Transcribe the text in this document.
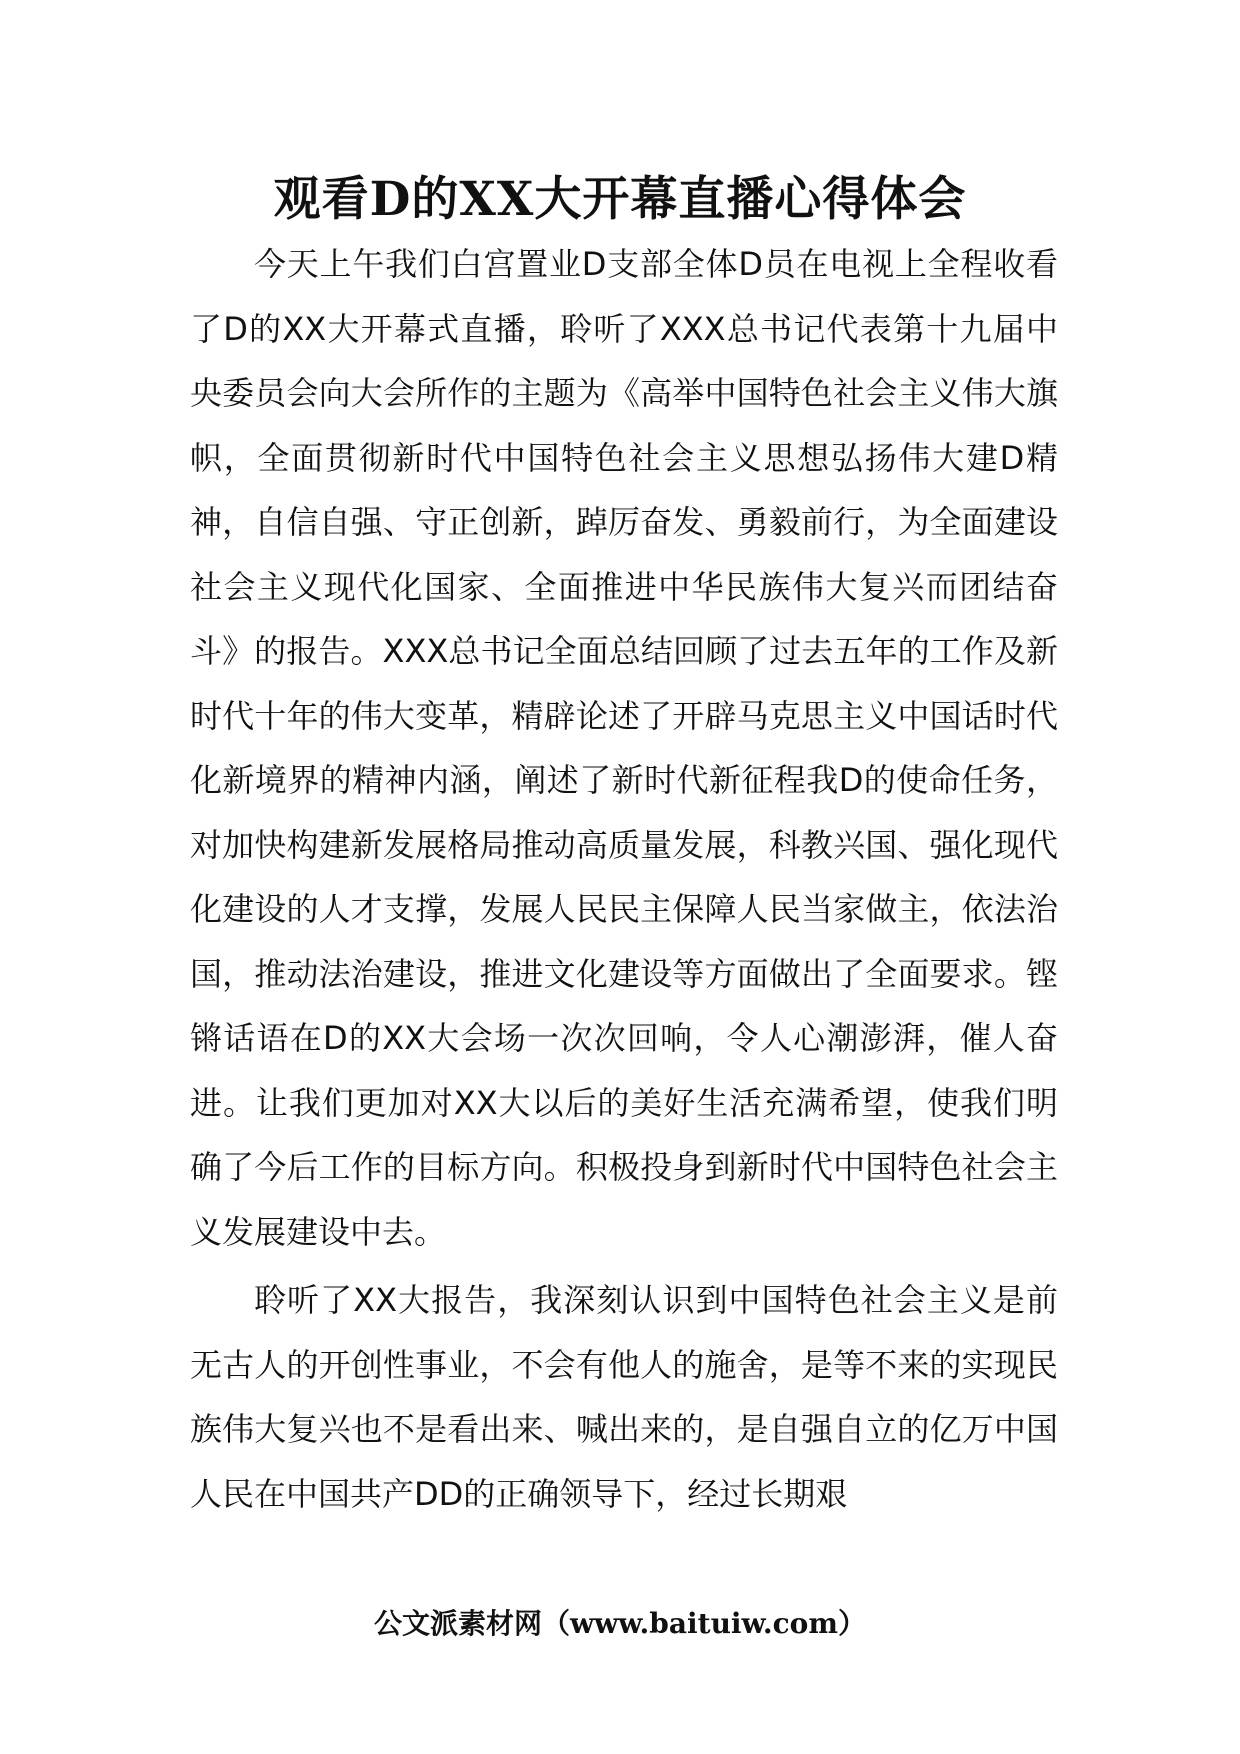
观看D的XX大开幕直播心得体会

今天上午我们白宫置业D支部全体D员在电视上全程收看了D的XX大开幕式直播，聆听了XXX总书记代表第十九届中央委员会向大会所作的主题为《高举中国特色社会主义伟大旗帜，全面贯彻新时代中国特色社会主义思想弘扬伟大建D精神，自信自强、守正创新，踔厉奋发、勇毅前行，为全面建设社会主义现代化国家、全面推进中华民族伟大复兴而团结奋斗》的报告。XXX总书记全面总结回顾了过去五年的工作及新时代十年的伟大变革，精辟论述了开辟马克思主义中国话时代化新境界的精神内涵，阐述了新时代新征程我D的使命任务，对加快构建新发展格局推动高质量发展，科教兴国、强化现代化建设的人才支撑，发展人民民主保障人民当家做主，依法治国，推动法治建设，推进文化建设等方面做出了全面要求。铿锵话语在D的XX大会场一次次回响，令人心潮澎湃，催人奋进。让我们更加对XX大以后的美好生活充满希望，使我们明确了今后工作的目标方向。积极投身到新时代中国特色社会主义发展建设中去。

聆听了XX大报告，我深刻认识到中国特色社会主义是前无古人的开创性事业，不会有他人的施舍，是等不来的实现民族伟大复兴也不是看出来、喊出来的，是自强自立的亿万中国人民在中国共产DD的正确领导下，经过长期艰

公文派素材网（www.baituiw.com）
